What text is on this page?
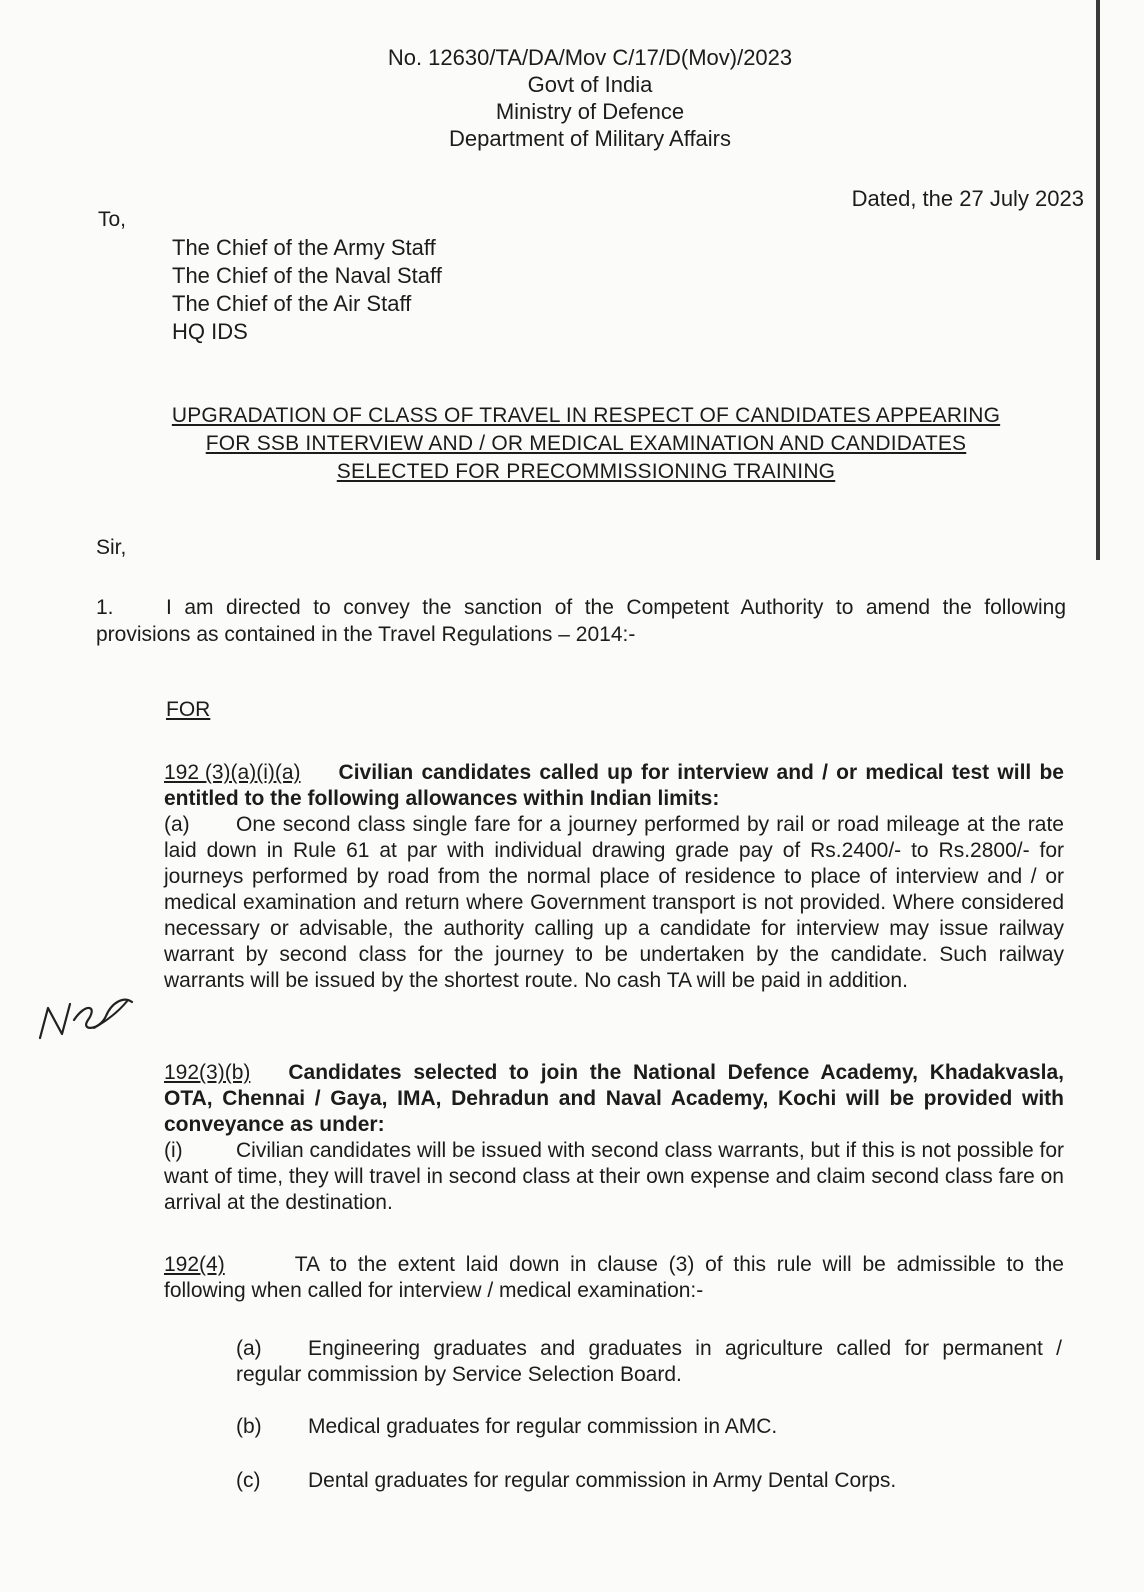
No. 12630/TA/DA/Mov C/17/D(Mov)/2023
Govt of India
Ministry of Defence
Department of Military Affairs
Dated, the 27 July 2023
To,
The Chief of the Army Staff
The Chief of the Naval Staff
The Chief of the Air Staff
HQ IDS
UPGRADATION OF CLASS OF TRAVEL IN RESPECT OF CANDIDATES APPEARING
FOR SSB INTERVIEW AND / OR MEDICAL EXAMINATION AND CANDIDATES
SELECTED FOR PRECOMMISSIONING TRAINING
Sir,
1. I am directed to convey the sanction of the Competent Authority to amend the following provisions as contained in the Travel Regulations – 2014:-
FOR
192 (3)(a)(i)(a) Civilian candidates called up for interview and / or medical test will be entitled to the following allowances within Indian limits:
(a) One second class single fare for a journey performed by rail or road mileage at the rate laid down in Rule 61 at par with individual drawing grade pay of Rs.2400/- to Rs.2800/- for journeys performed by road from the normal place of residence to place of interview and / or medical examination and return where Government transport is not provided. Where considered necessary or advisable, the authority calling up a candidate for interview may issue railway warrant by second class for the journey to be undertaken by the candidate. Such railway warrants will be issued by the shortest route. No cash TA will be paid in addition.
192(3)(b) Candidates selected to join the National Defence Academy, Khadakvasla, OTA, Chennai / Gaya, IMA, Dehradun and Naval Academy, Kochi will be provided with conveyance as under:
(i)	Civilian candidates will be issued with second class warrants, but if this is not possible for want of time, they will travel in second class at their own expense and claim second class fare on arrival at the destination.
192(4)	TA to the extent laid down in clause (3) of this rule will be admissible to the following when called for interview / medical examination:-
(a) Engineering graduates and graduates in agriculture called for permanent / regular commission by Service Selection Board.
(b) Medical graduates for regular commission in AMC.
(c) Dental graduates for regular commission in Army Dental Corps.
